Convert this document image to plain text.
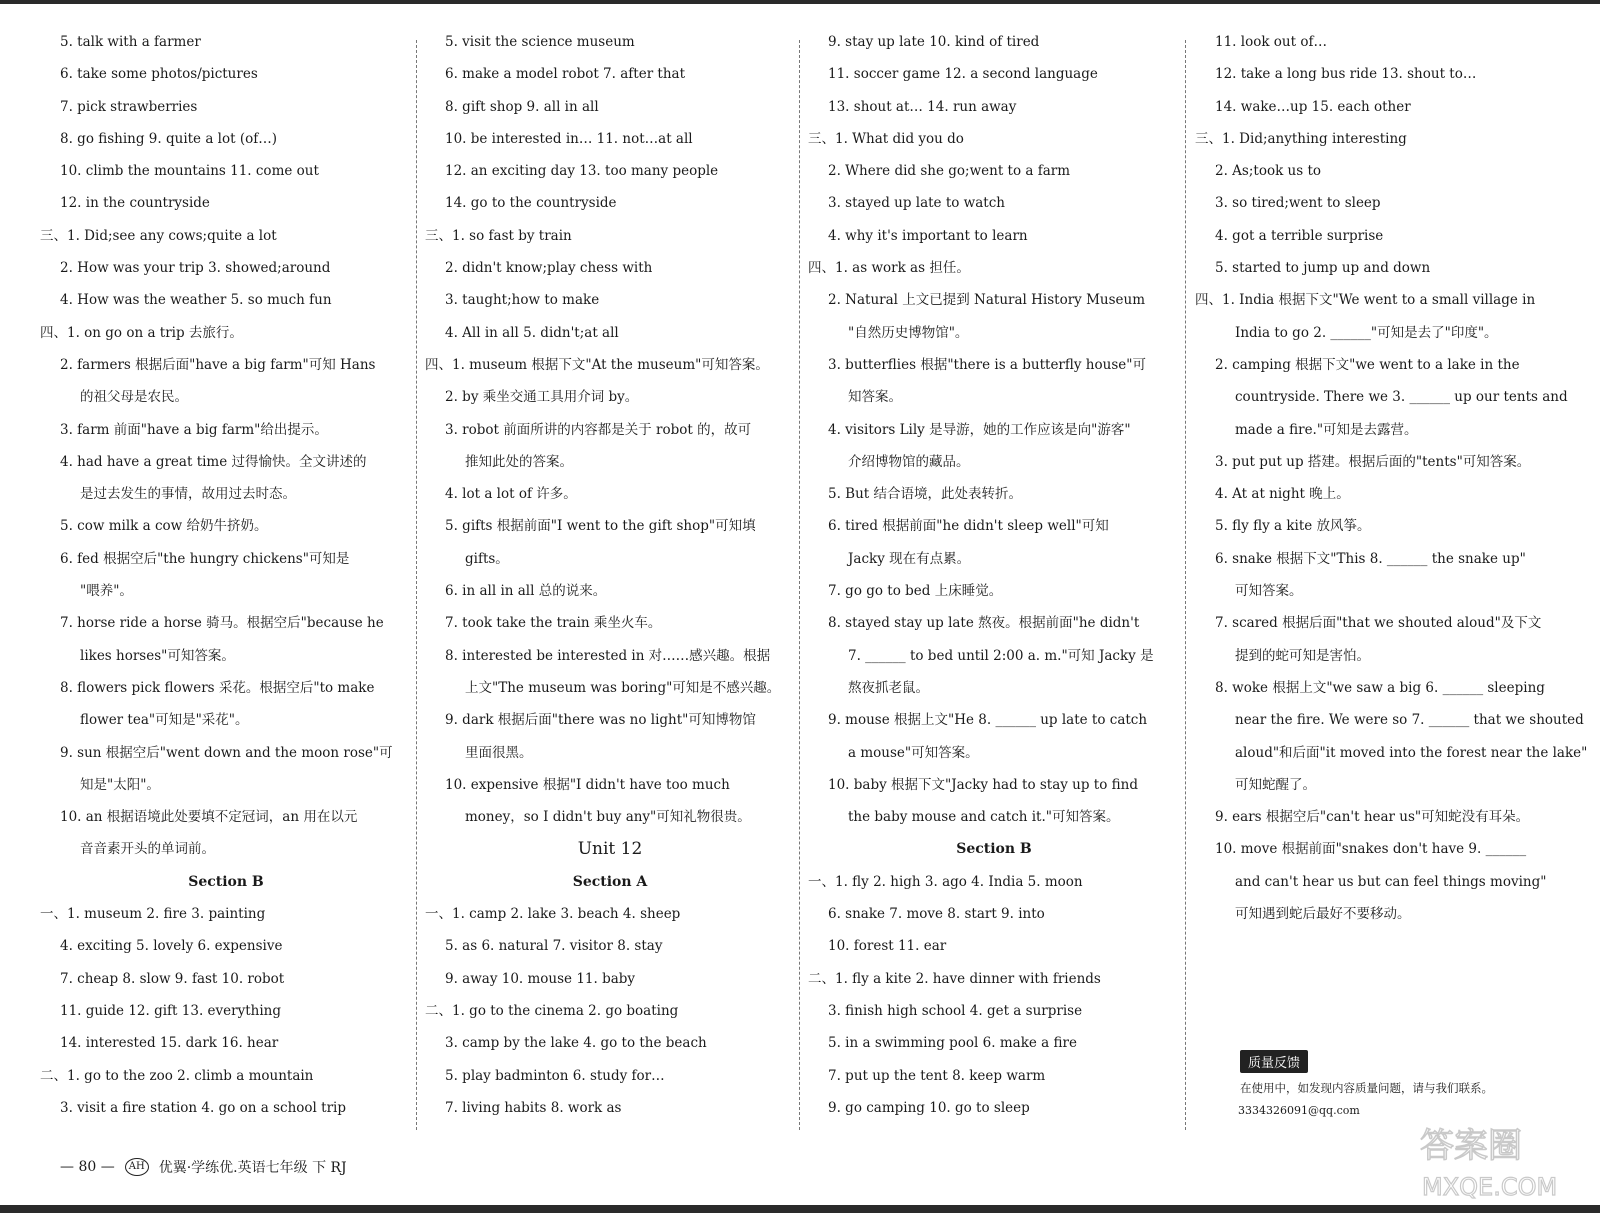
5. talk with a farmer
6. take some photos/pictures
7. pick strawberries
8. go fishing 9. quite a lot (of…)
10. climb the mountains 11. come out
12. in the countryside
三、1. Did;see any cows;quite a lot
2. How was your trip 3. showed;around
4. How was the weather 5. so much fun
四、1. on go on a trip 去旅行。
2. farmers 根据后面"have a big farm"可知 Hans
的祖父母是农民。
3. farm 前面"have a big farm"给出提示。
4. had have a great time 过得愉快。全文讲述的
是过去发生的事情，故用过去时态。
5. cow milk a cow 给奶牛挤奶。
6. fed 根据空后"the hungry chickens"可知是
"喂养"。
7. horse ride a horse 骑马。根据空后"because he
likes horses"可知答案。
8. flowers pick flowers 采花。根据空后"to make
flower tea"可知是"采花"。
9. sun 根据空后"went down and the moon rose"可
知是"太阳"。
10. an 根据语境此处要填不定冠词，an 用在以元
音音素开头的单词前。
Section B
一、1. museum 2. fire 3. painting
4. exciting 5. lovely 6. expensive
7. cheap 8. slow 9. fast 10. robot
11. guide 12. gift 13. everything
14. interested 15. dark 16. hear
二、1. go to the zoo 2. climb a mountain
3. visit a fire station 4. go on a school trip
5. visit the science museum
6. make a model robot 7. after that
8. gift shop 9. all in all
10. be interested in… 11. not…at all
12. an exciting day 13. too many people
14. go to the countryside
三、1. so fast by train
2. didn't know;play chess with
3. taught;how to make
4. All in all 5. didn't;at all
四、1. museum 根据下文"At the museum"可知答案。
2. by 乘坐交通工具用介词 by。
3. robot 前面所讲的内容都是关于 robot 的，故可
推知此处的答案。
4. lot a lot of 许多。
5. gifts 根据前面"I went to the gift shop"可知填
gifts。
6. in all in all 总的说来。
7. took take the train 乘坐火车。
8. interested be interested in 对……感兴趣。根据
上文"The museum was boring"可知是不感兴趣。
9. dark 根据后面"there was no light"可知博物馆
里面很黑。
10. expensive 根据"I didn't have too much
money，so I didn't buy any"可知礼物很贵。
Unit 12
Section A
一、1. camp 2. lake 3. beach 4. sheep
5. as 6. natural 7. visitor 8. stay
9. away 10. mouse 11. baby
二、1. go to the cinema 2. go boating
3. camp by the lake 4. go to the beach
5. play badminton 6. study for…
7. living habits 8. work as
9. stay up late 10. kind of tired
11. soccer game 12. a second language
13. shout at… 14. run away
三、1. What did you do
2. Where did she go;went to a farm
3. stayed up late to watch
4. why it's important to learn
四、1. as work as 担任。
2. Natural 上文已提到 Natural History Museum
"自然历史博物馆"。
3. butterflies 根据"there is a butterfly house"可
知答案。
4. visitors Lily 是导游，她的工作应该是向"游客"
介绍博物馆的藏品。
5. But 结合语境，此处表转折。
6. tired 根据前面"he didn't sleep well"可知
Jacky 现在有点累。
7. go go to bed 上床睡觉。
8. stayed stay up late 熬夜。根据前面"he didn't
7. ______ to bed until 2:00 a. m."可知 Jacky 是
熬夜抓老鼠。
9. mouse 根据上文"He 8. ______ up late to catch
a mouse"可知答案。
10. baby 根据下文"Jacky had to stay up to find
the baby mouse and catch it."可知答案。
Section B
一、1. fly 2. high 3. ago 4. India 5. moon
6. snake 7. move 8. start 9. into
10. forest 11. ear
二、1. fly a kite 2. have dinner with friends
3. finish high school 4. get a surprise
5. in a swimming pool 6. make a fire
7. put up the tent 8. keep warm
9. go camping 10. go to sleep
11. look out of…
12. take a long bus ride 13. shout to…
14. wake…up 15. each other
三、1. Did;anything interesting
2. As;took us to
3. so tired;went to sleep
4. got a terrible surprise
5. started to jump up and down
四、1. India 根据下文"We went to a small village in
India to go 2. ______"可知是去了"印度"。
2. camping 根据下文"we went to a lake in the
countryside. There we 3. ______ up our tents and
made a fire."可知是去露营。
3. put put up 搭建。根据后面的"tents"可知答案。
4. At at night 晚上。
5. fly fly a kite 放风筝。
6. snake 根据下文"This 8. ______ the snake up"
可知答案。
7. scared 根据后面"that we shouted aloud"及下文
提到的蛇可知是害怕。
8. woke 根据上文"we saw a big 6. ______ sleeping
near the fire. We were so 7. ______ that we shouted
aloud"和后面"it moved into the forest near the lake"
可知蛇醒了。
9. ears 根据空后"can't hear us"可知蛇没有耳朵。
10. move 根据前面"snakes don't have 9. ______
and can't hear us but can feel things moving"
可知遇到蛇后最好不要移动。
— 80 —	AH 优翼·学练优.英语七年级 下 RJ
质量反馈
在使用中，如发现内容质量问题，请与我们联系。
3334326091@qq.com
答案圈
MXQE.COM
